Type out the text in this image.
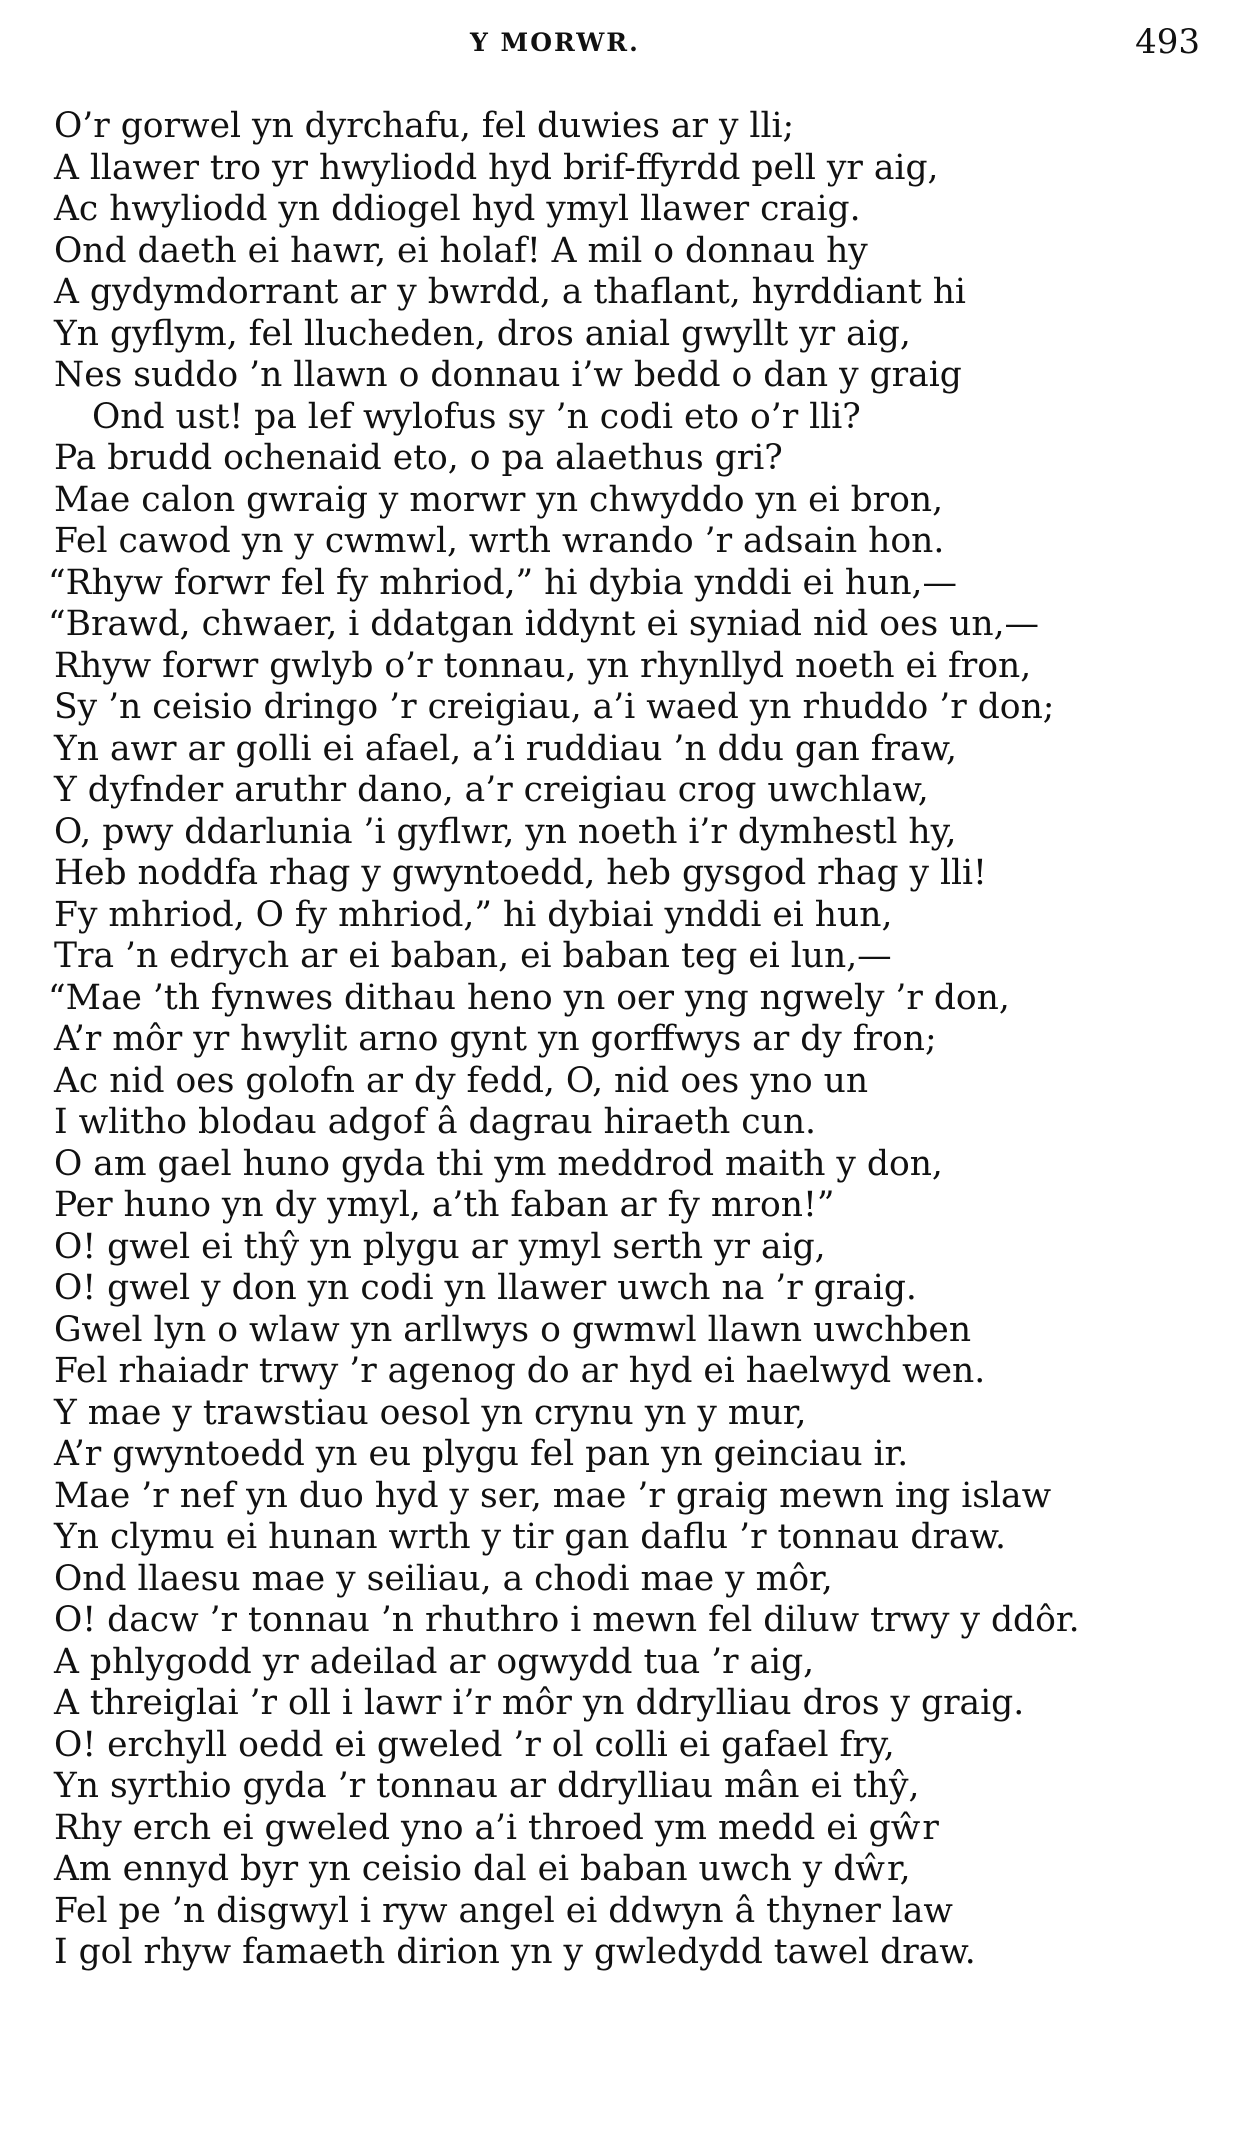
Y MORWR.	493
O’r gorwel yn dyrchafu, fel duwies ar y lli;
A llawer tro yr hwyliodd hyd brif-ffyrdd pell yr aig,
Ac hwyliodd yn ddiogel hyd ymyl llawer craig.
Ond daeth ei hawr, ei holaf! A mil o donnau hy
A gydymdorrant ar y bwrdd, a thaflant, hyrddiant hi
Yn gyflym, fel llucheden, dros anial gwyllt yr aig,
Nes suddo ’n llawn o donnau i’w bedd o dan y graig
Ond ust! pa lef wylofus sy ’n codi eto o’r lli?
Pa brudd ochenaid eto, o pa alaethus gri?
Mae calon gwraig y morwr yn chwyddo yn ei bron,
Fel cawod yn y cwmwl, wrth wrando ’r adsain hon.
“Rhyw forwr fel fy mhriod,” hi dybia ynddi ei hun,—
“Brawd, chwaer, i ddatgan iddynt ei syniad nid oes un,—
Rhyw forwr gwlyb o’r tonnau, yn rhynllyd noeth ei fron,
Sy ’n ceisio dringo ’r creigiau, a’i waed yn rhuddo ’r don;
Yn awr ar golli ei afael, a’i ruddiau ’n ddu gan fraw,
Y dyfnder aruthr dano, a’r creigiau crog uwchlaw,
O, pwy ddarlunia ’i gyflwr, yn noeth i’r dymhestl hy,
Heb noddfa rhag y gwyntoedd, heb gysgod rhag y lli!
Fy mhriod, O fy mhriod,” hi dybiai ynddi ei hun,
Tra ’n edrych ar ei baban, ei baban teg ei lun,—
“Mae ’th fynwes dithau heno yn oer yng ngwely ’r don,
A’r môr yr hwylit arno gynt yn gorffwys ar dy fron;
Ac nid oes golofn ar dy fedd, O, nid oes yno un
I wlitho blodau adgof â dagrau hiraeth cun.
O am gael huno gyda thi ym meddrod maith y don,
Per huno yn dy ymyl, a’th faban ar fy mron!”
O! gwel ei thŷ yn plygu ar ymyl serth yr aig,
O! gwel y don yn codi yn llawer uwch na ’r graig.
Gwel lyn o wlaw yn arllwys o gwmwl llawn uwchben
Fel rhaiadr trwy ’r agenog do ar hyd ei haelwyd wen.
Y mae y trawstiau oesol yn crynu yn y mur,
A’r gwyntoedd yn eu plygu fel pan yn geinciau ir.
Mae ’r nef yn duo hyd y ser, mae ’r graig mewn ing islaw
Yn clymu ei hunan wrth y tir gan daflu ’r tonnau draw.
Ond llaesu mae y seiliau, a chodi mae y môr,
O! dacw ’r tonnau ’n rhuthro i mewn fel diluw trwy y ddôr.
A phlygodd yr adeilad ar ogwydd tua ’r aig,
A threiglai ’r oll i lawr i’r môr yn ddrylliau dros y graig.
O! erchyll oedd ei gweled ’r ol colli ei gafael fry,
Yn syrthio gyda ’r tonnau ar ddrylliau mân ei thŷ,
Rhy erch ei gweled yno a’i throed ym medd ei gŵr
Am ennyd byr yn ceisio dal ei baban uwch y dŵr,
Fel pe ’n disgwyl i ryw angel ei ddwyn â thyner law
I gol rhyw famaeth dirion yn y gwledydd tawel draw.
